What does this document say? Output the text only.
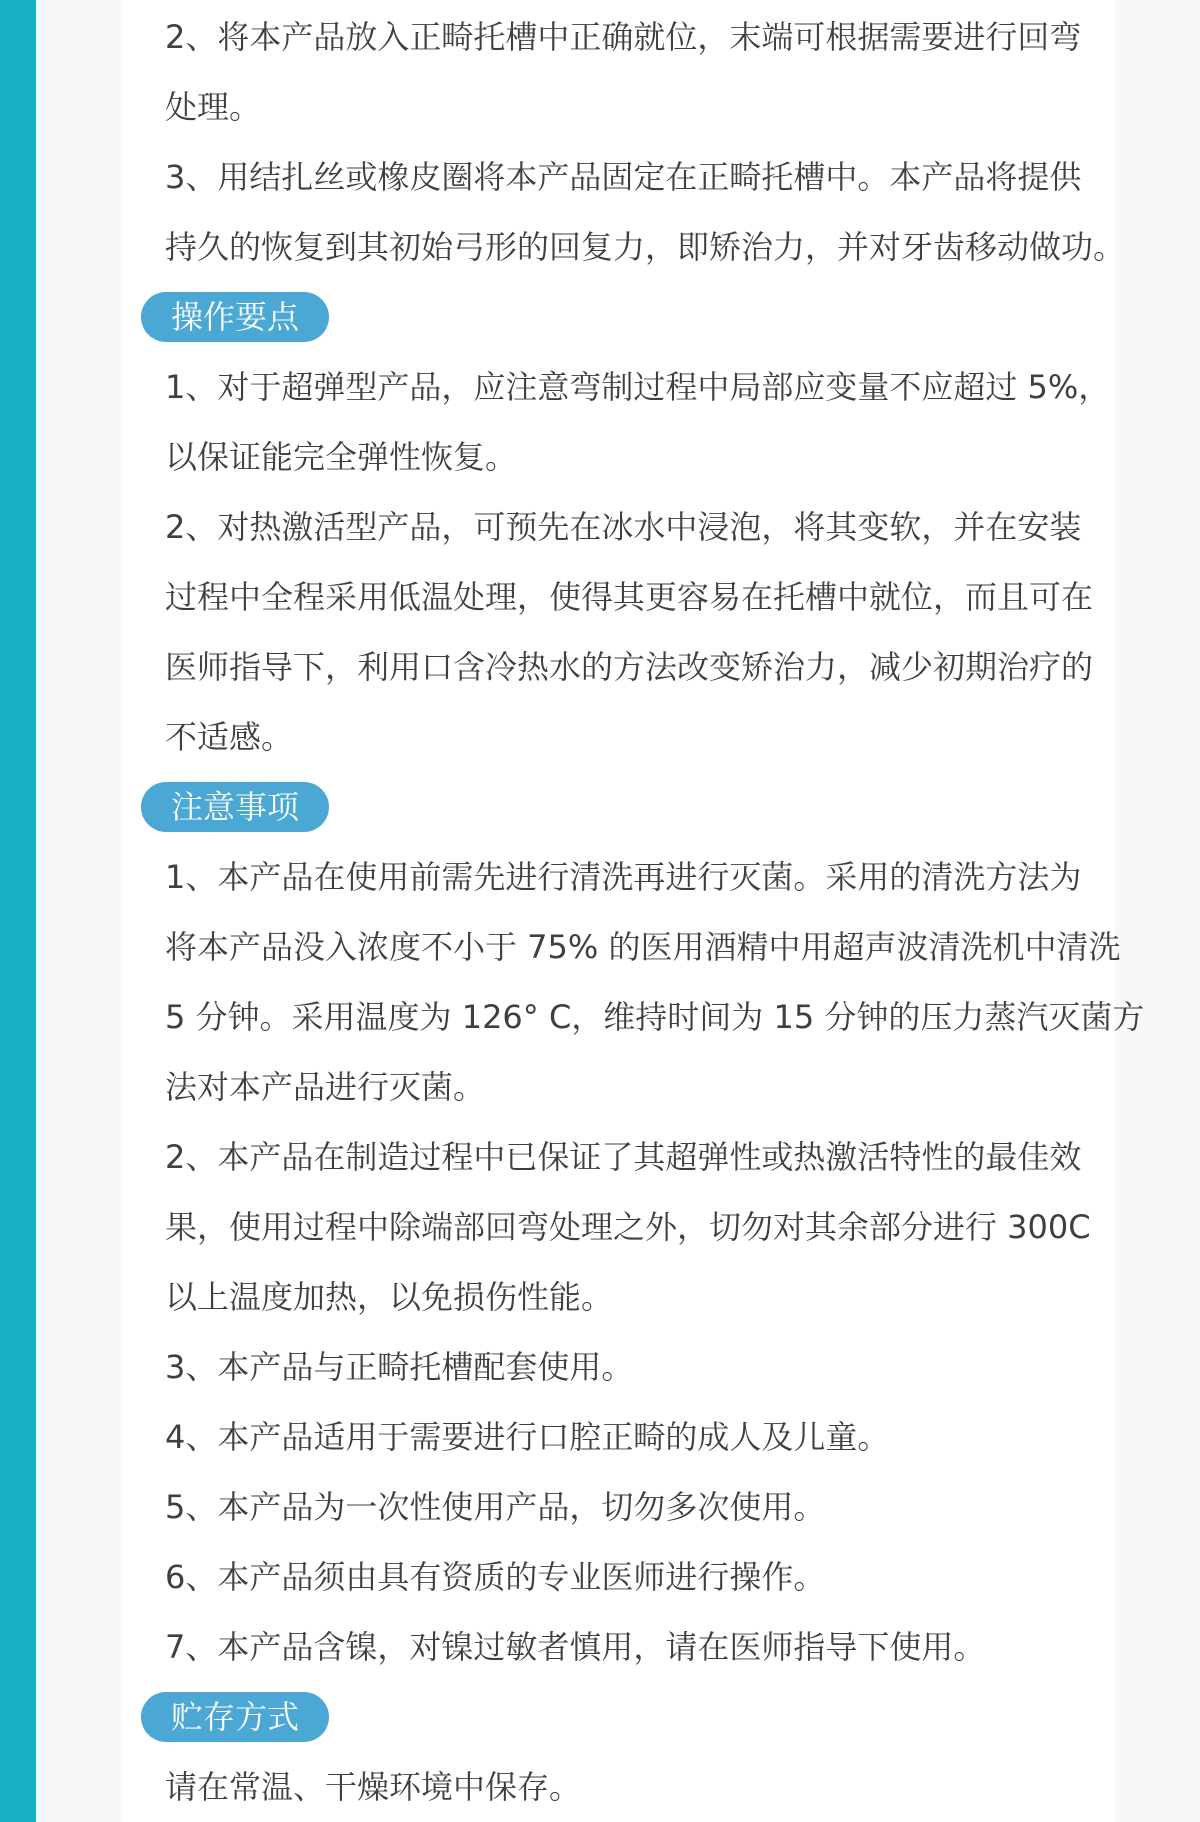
2、将本产品放入正畸托槽中正确就位，末端可根据需要进行回弯
处理。

3、用结扎丝或橡皮圈将本产品固定在正畸托槽中。本产品将提供
持久的恢复到其初始弓形的回复力，即矫治力，并对牙齿移动做功。

操作要点

1、对于超弹型产品，应注意弯制过程中局部应变量不应超过 5%，
以保证能完全弹性恢复。

2、对热激活型产品，可预先在冰水中浸泡，将其变软，并在安装
过程中全程采用低温处理，使得其更容易在托槽中就位，而且可在
医师指导下，利用口含冷热水的方法改变矫治力，减少初期治疗的
不适感。

注意事项

1、本产品在使用前需先进行清洗再进行灭菌。采用的清洗方法为
将本产品没入浓度不小于 75% 的医用酒精中用超声波清洗机中清洗
5 分钟。采用温度为 126° C，维持时间为 15 分钟的压力蒸汽灭菌方
法对本产品进行灭菌。

2、本产品在制造过程中已保证了其超弹性或热激活特性的最佳效
果，使用过程中除端部回弯处理之外，切勿对其余部分进行 300C
以上温度加热，以免损伤性能。

3、本产品与正畸托槽配套使用。

4、本产品适用于需要进行口腔正畸的成人及儿童。

5、本产品为一次性使用产品，切勿多次使用。

6、本产品须由具有资质的专业医师进行操作。

7、本产品含镍，对镍过敏者慎用，请在医师指导下使用。

贮存方式

请在常温、干燥环境中保存。
